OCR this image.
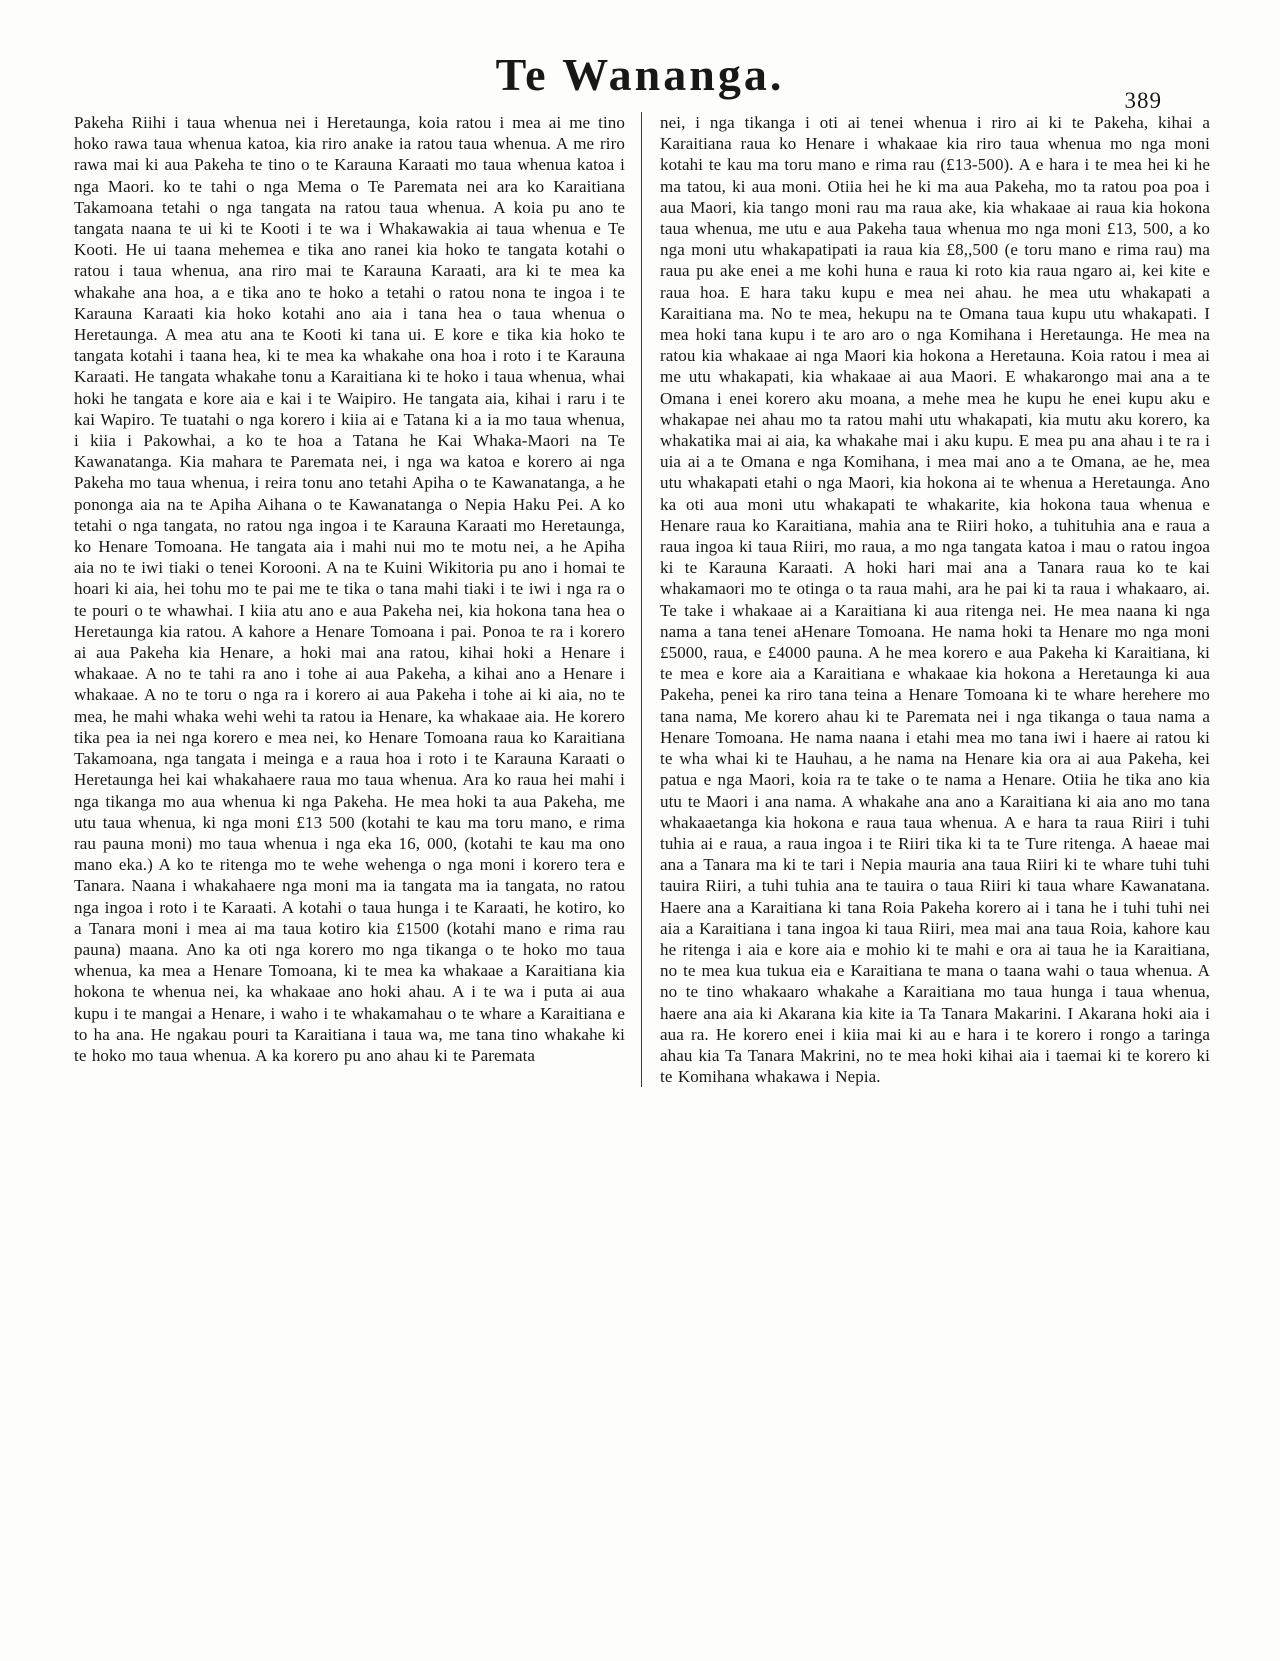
Te Wananga.
389
Pakeha Riihi i taua whenua nei i Heretaunga, koia ratou i mea ai me tino hoko rawa taua whenua katoa, kia riro anake ia ratou taua whenua. A me riro rawa mai ki aua Pakeha te tino o te Karauna Karaati mo taua whenua katoa i nga Maori. ko te tahi o nga Mema o Te Paremata nei ara ko Karaitiana Takamoana tetahi o nga tangata na ratou taua whenua. A koia pu ano te tangata naana te ui ki te Kooti i te wa i Whakawakia ai taua whenua e Te Kooti. He ui taana mehemea e tika ano ranei kia hoko te tangata kotahi o ratou i taua whenua, ana riro mai te Karauna Karaati, ara ki te mea ka whakahe ana hoa, a e tika ano te hoko a tetahi o ratou nona te ingoa i te Karauna Karaati kia hoko kotahi ano aia i tana hea o taua whenua o Heretaunga. A mea atu ana te Kooti ki tana ui. E kore e tika kia hoko te tangata kotahi i taana hea, ki te mea ka whakahe ona hoa i roto i te Karauna Karaati. He tangata whakahe tonu a Karaitiana ki te hoko i taua whenua, whai hoki he tangata e kore aia e kai i te Waipiro. He tangata aia, kihai i raru i te kai Wapiro. Te tuatahi o nga korero i kiia ai e Tatana ki a ia mo taua whenua, i kiia i Pakowhai, a ko te hoa a Tatana he Kai Whaka-Maori na Te Kawanatanga. Kia mahara te Paremata nei, i nga wa katoa e korero ai nga Pakeha mo taua whenua, i reira tonu ano tetahi Apiha o te Kawanatanga, a he pononga aia na te Apiha Aihana o te Kawanatanga o Nepia Haku Pei. A ko tetahi o nga tangata, no ratou nga ingoa i te Karauna Karaati mo Heretaunga, ko Henare Tomoana. He tangata aia i mahi nui mo te motu nei, a he Apiha aia no te iwi tiaki o tenei Korooni. A na te Kuini Wikitoria pu ano i homai te hoari ki aia, hei tohu mo te pai me te tika o tana mahi tiaki i te iwi i nga ra o te pouri o te whawhai. I kiia atu ano e aua Pakeha nei, kia hokona tana hea o Heretaunga kia ratou. A kahore a Henare Tomoana i pai. Ponoa te ra i korero ai aua Pakeha kia Henare, a hoki mai ana ratou, kihai hoki a Henare i whakaae. A no te tahi ra ano i tohe ai aua Pakeha, a kihai ano a Henare i whakaae. A no te toru o nga ra i korero ai aua Pakeha i tohe ai ki aia, no te mea, he mahi whaka wehi wehi ta ratou ia Henare, ka whakaae aia. He korero tika pea ia nei nga korero e mea nei, ko Henare Tomoana raua ko Karaitiana Takamoana, nga tangata i meinga e a raua hoa i roto i te Karauna Karaati o Heretaunga hei kai whakahaere raua mo taua whenua. Ara ko raua hei mahi i nga tikanga mo aua whenua ki nga Pakeha. He mea hoki ta aua Pakeha, me utu taua whenua, ki nga moni £13 500 (kotahi te kau ma toru mano, e rima rau pauna moni) mo taua whenua i nga eka 16, 000, (kotahi te kau ma ono mano eka.) A ko te ritenga mo te wehe wehenga o nga moni i korero tera e Tanara. Naana i whakahaere nga moni ma ia tangata ma ia tangata, no ratou nga ingoa i roto i te Karaati. A kotahi o taua hunga i te Karaati, he kotiro, ko a Tanara moni i mea ai ma taua kotiro kia £1500 (kotahi mano e rima rau pauna) maana. Ano ka oti nga korero mo nga tikanga o te hoko mo taua whenua, ka mea a Henare Tomoana, ki te mea ka whakaae a Karaitiana kia hokona te whenua nei, ka whakaae ano hoki ahau. A i te wa i puta ai aua kupu i te mangai a Henare, i waho i te whakamahau o te whare a Karaitiana e to ha ana. He ngakau pouri ta Karaitiana i taua wa, me tana tino whakahe ki te hoko mo taua whenua. A ka korero pu ano ahau ki te Paremata
nei, i nga tikanga i oti ai tenei whenua i riro ai ki te Pakeha, kihai a Karaitiana raua ko Henare i whakaae kia riro taua whenua mo nga moni kotahi te kau ma toru mano e rima rau (£13-500). A e hara i te mea hei ki he ma tatou, ki aua moni. Otiia hei he ki ma aua Pakeha, mo ta ratou poa poa i aua Maori, kia tango moni rau ma raua ake, kia whakaae ai raua kia hokona taua whenua, me utu e aua Pakeha taua whenua mo nga moni £13, 500, a ko nga moni utu whakapatipati ia raua kia £8,,500 (e toru mano e rima rau) ma raua pu ake enei a me kohi huna e raua ki roto kia raua ngaro ai, kei kite e raua hoa. E hara taku kupu e mea nei ahau. he mea utu whakapati a Karaitiana ma. No te mea, hekupu na te Omana taua kupu utu whakapati. I mea hoki tana kupu i te aro aro o nga Komihana i Heretaunga. He mea na ratou kia whakaae ai nga Maori kia hokona a Heretauna. Koia ratou i mea ai me utu whakapati, kia whakaae ai aua Maori. E whakarongo mai ana a te Omana i enei korero aku moana, a mehe mea he kupu he enei kupu aku e whakapae nei ahau mo ta ratou mahi utu whakapati, kia mutu aku korero, ka whakatika mai ai aia, ka whakahe mai i aku kupu. E mea pu ana ahau i te ra i uia ai a te Omana e nga Komihana, i mea mai ano a te Omana, ae he, mea utu whakapati etahi o nga Maori, kia hokona ai te whenua a Heretaunga. Ano ka oti aua moni utu whakapati te whakarite, kia hokona taua whenua e Henare raua ko Karaitiana, mahia ana te Riiri hoko, a tuhituhia ana e raua a raua ingoa ki taua Riiri, mo raua, a mo nga tangata katoa i mau o ratou ingoa ki te Karauna Karaati. A hoki hari mai ana a Tanara raua ko te kai whakamaori mo te otinga o ta raua mahi, ara he pai ki ta raua i whakaaro, ai. Te take i whakaae ai a Karaitiana ki aua ritenga nei. He mea naana ki nga nama a tana tenei aHenare Tomoana. He nama hoki ta Henare mo nga moni £5000, raua, e £4000 pauna. A he mea korero e aua Pakeha ki Karaitiana, ki te mea e kore aia a Karaitiana e whakaae kia hokona a Heretaunga ki aua Pakeha, penei ka riro tana teina a Henare Tomoana ki te whare herehere mo tana nama, Me korero ahau ki te Paremata nei i nga tikanga o taua nama a Henare Tomoana. He nama naana i etahi mea mo tana iwi i haere ai ratou ki te wha whai ki te Hauhau, a he nama na Henare kia ora ai aua Pakeha, kei patua e nga Maori, koia ra te take o te nama a Henare. Otiia he tika ano kia utu te Maori i ana nama. A whakahe ana ano a Karaitiana ki aia ano mo tana whakaaetanga kia hokona e raua taua whenua. A e hara ta raua Riiri i tuhi tuhia ai e raua, a raua ingoa i te Riiri tika ki ta te Ture ritenga. A haeae mai ana a Tanara ma ki te tari i Nepia mauria ana taua Riiri ki te whare tuhi tuhi tauira Riiri, a tuhi tuhia ana te tauira o taua Riiri ki taua whare Kawanatana. Haere ana a Karaitiana ki tana Roia Pakeha korero ai i tana he i tuhi tuhi nei aia a Karaitiana i tana ingoa ki taua Riiri, mea mai ana taua Roia, kahore kau he ritenga i aia e kore aia e mohio ki te mahi e ora ai taua he ia Karaitiana, no te mea kua tukua eia e Karaitiana te mana o taana wahi o taua whenua. A no te tino whakaaro whakahe a Karaitiana mo taua hunga i taua whenua, haere ana aia ki Akarana kia kite ia Ta Tanara Makarini. I Akarana hoki aia i aua ra. He korero enei i kiia mai ki au e hara i te korero i rongo a taringa ahau kia Ta Tanara Makrini, no te mea hoki kihai aia i taemai ki te korero ki te Komihana whakawa i Nepia.
